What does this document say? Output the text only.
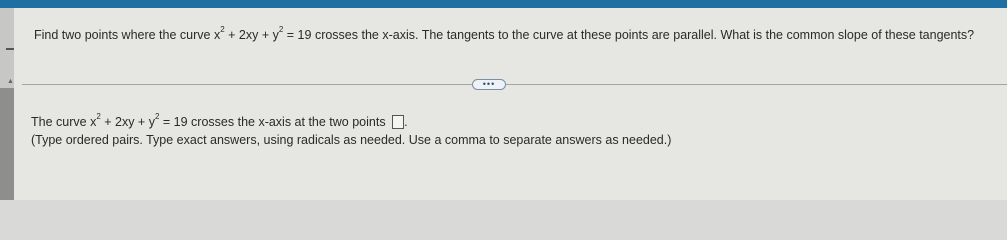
▲
Find two points where the curve $x^2 + 2xy + y^2 = 19$ crosses the x-axis. The tangents to the curve at these points are parallel. What is the common slope of these tangents?
•••
The curve $x^2 + 2xy + y^2 = 19$ crosses the x-axis at the two points .
(Type ordered pairs. Type exact answers, using radicals as needed. Use a comma to separate answers as needed.)
